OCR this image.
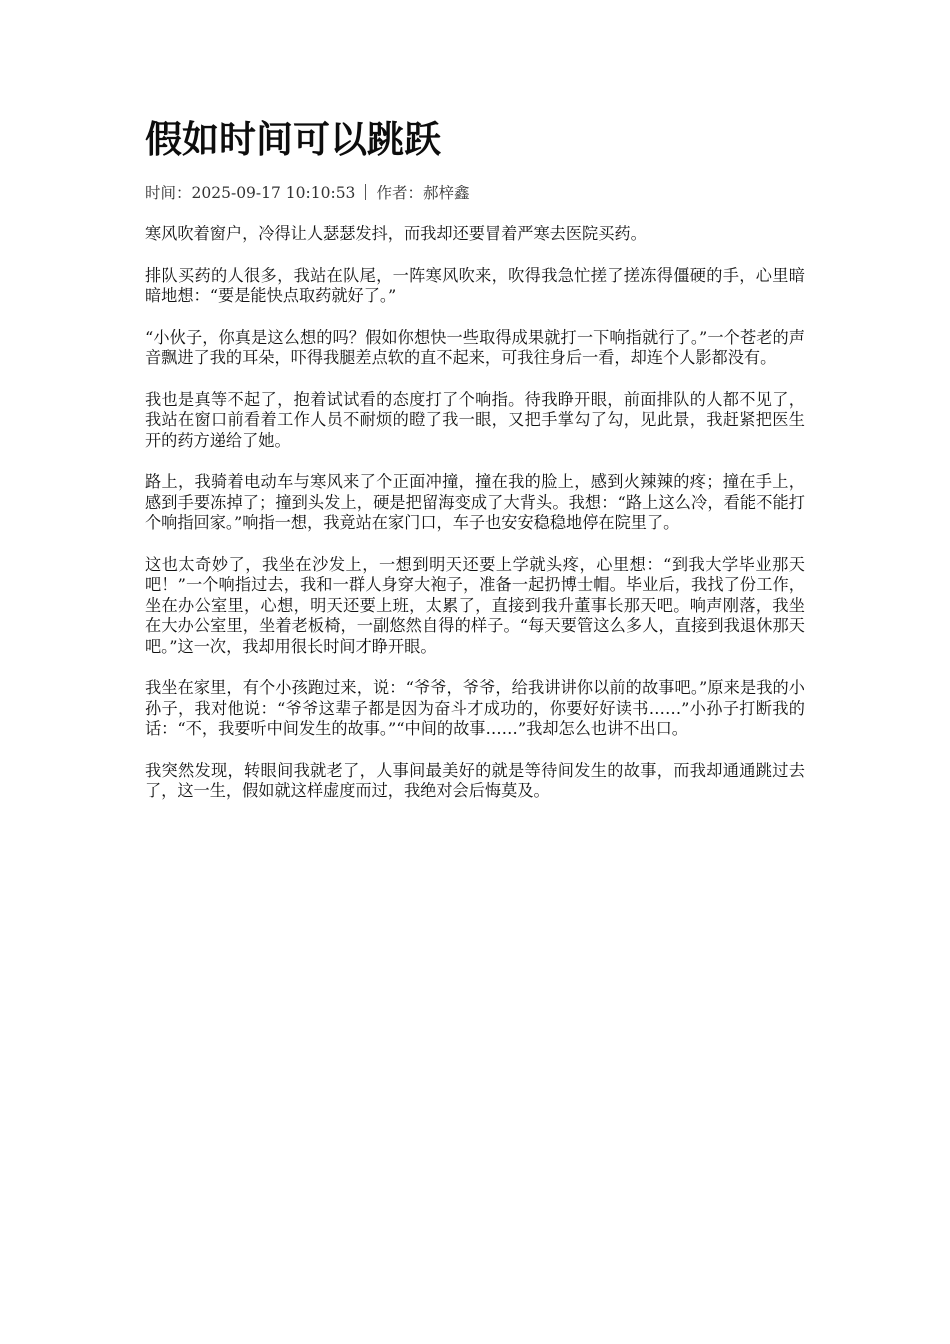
假如时间可以跳跃
时间：2025-09-17 10:10:53 作者：郝梓鑫

寒风吹着窗户，冷得让人瑟瑟发抖，而我却还要冒着严寒去医院买药。

排队买药的人很多，我站在队尾，一阵寒风吹来，吹得我急忙搓了搓冻得僵硬的手，心里暗暗地想：“要是能快点取药就好了。”

“小伙子，你真是这么想的吗？假如你想快一些取得成果就打一下响指就行了。”一个苍老的声音飘进了我的耳朵，吓得我腿差点软的直不起来，可我往身后一看，却连个人影都没有。

我也是真等不起了，抱着试试看的态度打了个响指。待我睁开眼，前面排队的人都不见了，我站在窗口前看着工作人员不耐烦的瞪了我一眼，又把手掌勾了勾，见此景，我赶紧把医生开的药方递给了她。

路上，我骑着电动车与寒风来了个正面冲撞，撞在我的脸上，感到火辣辣的疼；撞在手上，感到手要冻掉了；撞到头发上，硬是把留海变成了大背头。我想：“路上这么冷，看能不能打个响指回家。”响指一想，我竟站在家门口，车子也安安稳稳地停在院里了。

这也太奇妙了，我坐在沙发上，一想到明天还要上学就头疼，心里想：“到我大学毕业那天吧！”一个响指过去，我和一群人身穿大袍子，准备一起扔博士帽。毕业后，我找了份工作，坐在办公室里，心想，明天还要上班，太累了，直接到我升董事长那天吧。响声刚落，我坐在大办公室里，坐着老板椅，一副悠然自得的样子。“每天要管这么多人，直接到我退休那天吧。”这一次，我却用很长时间才睁开眼。

我坐在家里，有个小孩跑过来，说：“爷爷，爷爷，给我讲讲你以前的故事吧。”原来是我的小孙子，我对他说：“爷爷这辈子都是因为奋斗才成功的，你要好好读书……”小孙子打断我的话：“不，我要听中间发生的故事。”“中间的故事……”我却怎么也讲不出口。

我突然发现，转眼间我就老了，人事间最美好的就是等待间发生的故事，而我却通通跳过去了，这一生，假如就这样虚度而过，我绝对会后悔莫及。
